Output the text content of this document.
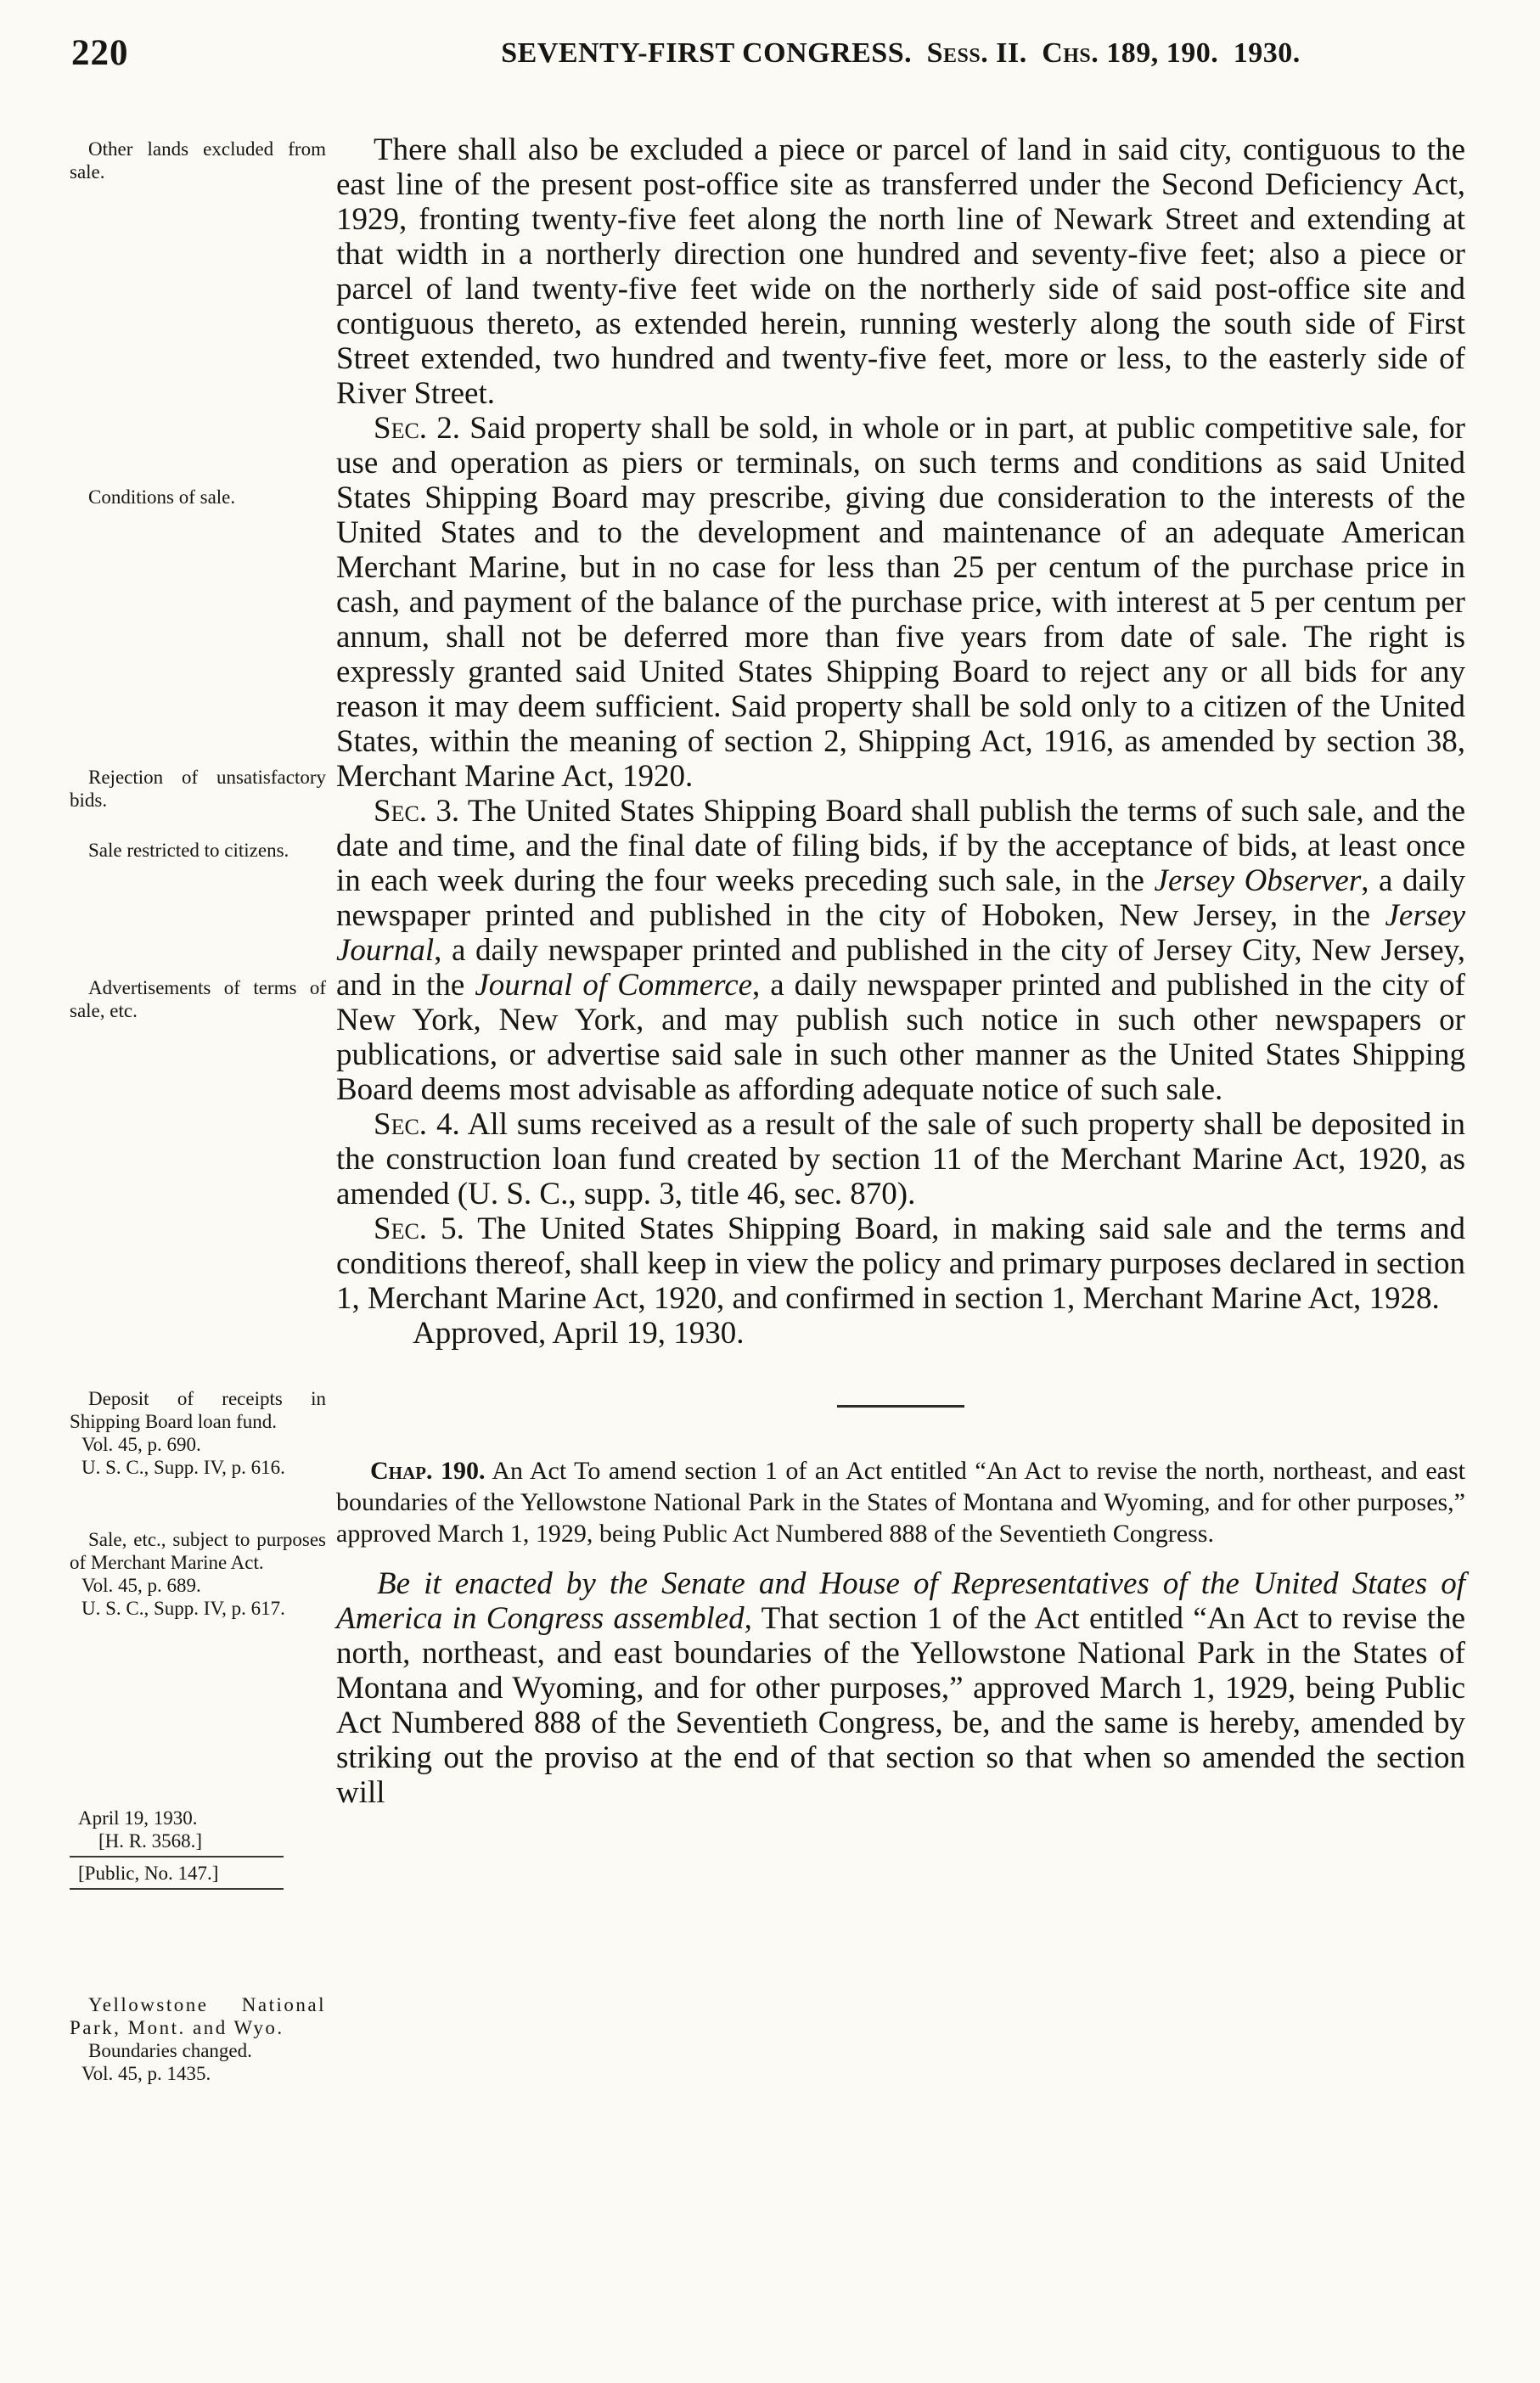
220	SEVENTY-FIRST CONGRESS. Sess. II. Chs. 189, 190. 1930.
Other lands excluded from sale.
Conditions of sale.
Rejection of unsatisfactory bids.
Sale restricted to citizens.
Advertisements of terms of sale, etc.
Deposit of receipts in Shipping Board loan fund.
Vol. 45, p. 690.
U. S. C., Supp. IV, p. 616.
Sale, etc., subject to purposes of Merchant Marine Act.
Vol. 45, p. 689.
U. S. C., Supp. IV, p. 617.
April 19, 1930.
[H. R. 3568.]
[Public, No. 147.]
Yellowstone National Park, Mont. and Wyo.
Boundaries changed.
Vol. 45, p. 1435.

There shall also be excluded a piece or parcel of land in said city, contiguous to the east line of the present post-office site as transferred under the Second Deficiency Act, 1929, fronting twenty-five feet along the north line of Newark Street and extending at that width in a northerly direction one hundred and seventy-five feet; also a piece or parcel of land twenty-five feet wide on the northerly side of said post-office site and contiguous thereto, as extended herein, running westerly along the south side of First Street extended, two hundred and twenty-five feet, more or less, to the easterly side of River Street.

Sec. 2. Said property shall be sold, in whole or in part, at public competitive sale, for use and operation as piers or terminals, on such terms and conditions as said United States Shipping Board may prescribe, giving due consideration to the interests of the United States and to the development and maintenance of an adequate American Merchant Marine, but in no case for less than 25 per centum of the purchase price in cash, and payment of the balance of the purchase price, with interest at 5 per centum per annum, shall not be deferred more than five years from date of sale. The right is expressly granted said United States Shipping Board to reject any or all bids for any reason it may deem sufficient. Said property shall be sold only to a citizen of the United States, within the meaning of section 2, Shipping Act, 1916, as amended by section 38, Merchant Marine Act, 1920.

Sec. 3. The United States Shipping Board shall publish the terms of such sale, and the date and time, and the final date of filing bids, if by the acceptance of bids, at least once in each week during the four weeks preceding such sale, in the Jersey Observer, a daily newspaper printed and published in the city of Hoboken, New Jersey, in the Jersey Journal, a daily newspaper printed and published in the city of Jersey City, New Jersey, and in the Journal of Commerce, a daily newspaper printed and published in the city of New York, New York, and may publish such notice in such other newspapers or publications, or advertise said sale in such other manner as the United States Shipping Board deems most advisable as affording adequate notice of such sale.

Sec. 4. All sums received as a result of the sale of such property shall be deposited in the construction loan fund created by section 11 of the Merchant Marine Act, 1920, as amended (U. S. C., supp. 3, title 46, sec. 870).

Sec. 5. The United States Shipping Board, in making said sale and the terms and conditions thereof, shall keep in view the policy and primary purposes declared in section 1, Merchant Marine Act, 1920, and confirmed in section 1, Merchant Marine Act, 1928.

Approved, April 19, 1930.

Chap. 190. An Act To amend section 1 of an Act entitled “An Act to revise the north, northeast, and east boundaries of the Yellowstone National Park in the States of Montana and Wyoming, and for other purposes,” approved March 1, 1929, being Public Act Numbered 888 of the Seventieth Congress.

Be it enacted by the Senate and House of Representatives of the United States of America in Congress assembled, That section 1 of the Act entitled “An Act to revise the north, northeast, and east boundaries of the Yellowstone National Park in the States of Montana and Wyoming, and for other purposes,” approved March 1, 1929, being Public Act Numbered 888 of the Seventieth Congress, be, and the same is hereby, amended by striking out the proviso at the end of that section so that when so amended the section will
